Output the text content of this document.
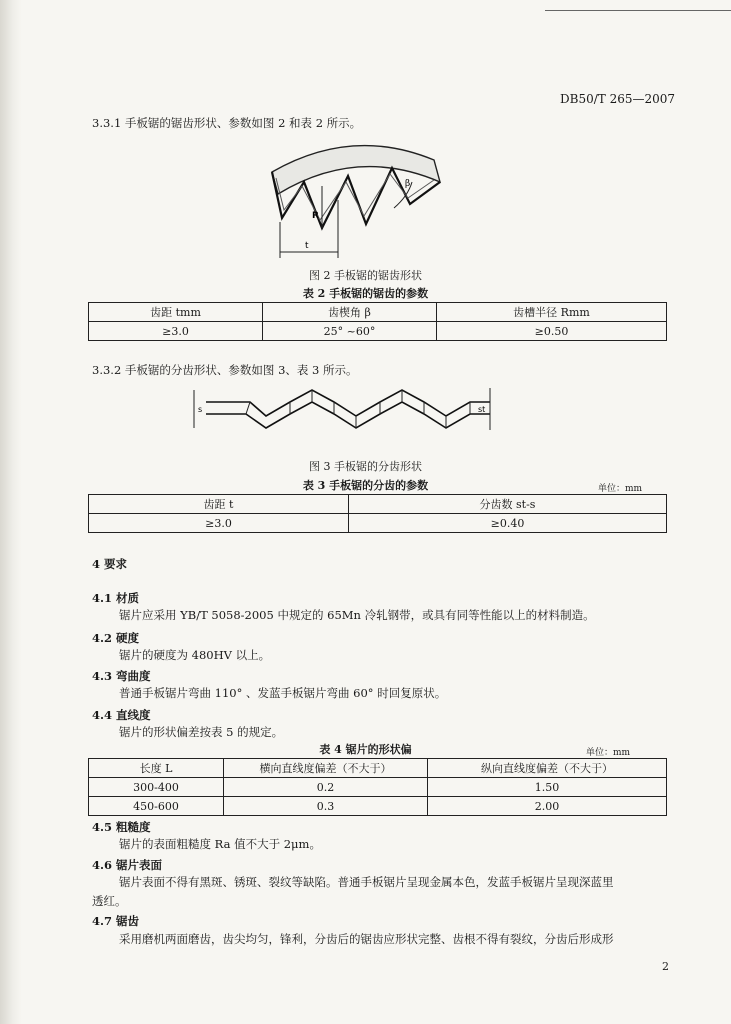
DB50/T 265—2007
3.3.1 手板锯的锯齿形状、参数如图 2 和表 2 所示。
R
β
t
图 2 手板锯的锯齿形状
表 2 手板锯的锯齿的参数
齿距 tmm	齿楔角 β	齿槽半径 Rmm
≥3.0	25° ~60°	≥0.50
3.3.2 手板锯的分齿形状、参数如图 3、表 3 所示。
s	st
图 3 手板锯的分齿形状
表 3 手板锯的分齿的参数	单位：mm
齿距 t	分齿数 st-s
≥3.0	≥0.40
4 要求
4.1 材质
锯片应采用 YB/T 5058-2005 中规定的 65Mn 冷轧钢带，或具有同等性能以上的材料制造。
4.2 硬度
锯片的硬度为 480HV 以上。
4.3 弯曲度
普通手板锯片弯曲 110° 、发蓝手板锯片弯曲 60° 时回复原状。
4.4 直线度
锯片的形状偏差按表 5 的规定。
表 4 锯片的形状偏	单位：mm
长度 L	横向直线度偏差（不大于）	纵向直线度偏差（不大于）
300-400	0.2	1.50
450-600	0.3	2.00
4.5 粗糙度
锯片的表面粗糙度 Ra 值不大于 2μm。
4.6 锯片表面
锯片表面不得有黑斑、锈斑、裂纹等缺陷。普通手板锯片呈现金属本色，发蓝手板锯片呈现深蓝里
透红。
4.7 锯齿
采用磨机两面磨齿，齿尖均匀，锋利，分齿后的锯齿应形状完整、齿根不得有裂纹，分齿后形成形
2
